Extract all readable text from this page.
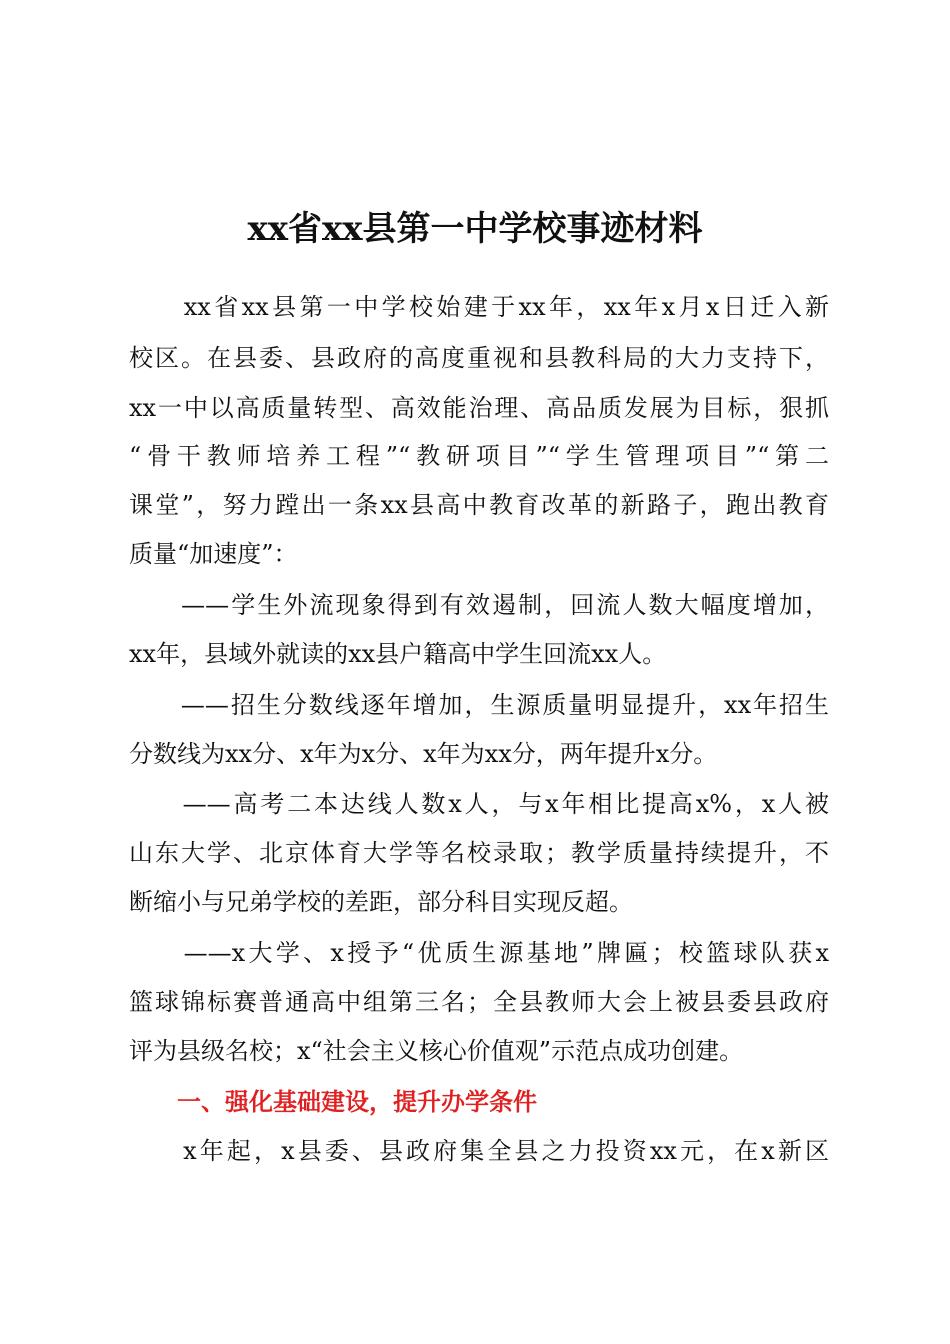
xx省xx县第一中学校事迹材料

　　xx省xx县第一中学校始建于xx年，xx年x月x日迁入新

校区。在县委、县政府的高度重视和县教科局的大力支持下，

xx一中以高质量转型、高效能治理、高品质发展为目标，狠抓

“骨干教师培养工程”“教研项目”“学生管理项目”“第二

课堂”，努力蹚出一条xx县高中教育改革的新路子，跑出教育

质量“加速度”：

　　——学生外流现象得到有效遏制，回流人数大幅度增加，

xx年，县域外就读的xx县户籍高中学生回流xx人。

　　——招生分数线逐年增加，生源质量明显提升，xx年招生

分数线为xx分、x年为x分、x年为xx分，两年提升x分。

　　——高考二本达线人数x人，与x年相比提高x%，x人被

山东大学、北京体育大学等名校录取；教学质量持续提升，不

断缩小与兄弟学校的差距，部分科目实现反超。

　　——x大学、x授予“优质生源基地”牌匾；校篮球队获x

篮球锦标赛普通高中组第三名；全县教师大会上被县委县政府

评为县级名校；x“社会主义核心价值观”示范点成功创建。

　　一、强化基础建设，提升办学条件

　　x年起，x县委、县政府集全县之力投资xx元，在x新区
